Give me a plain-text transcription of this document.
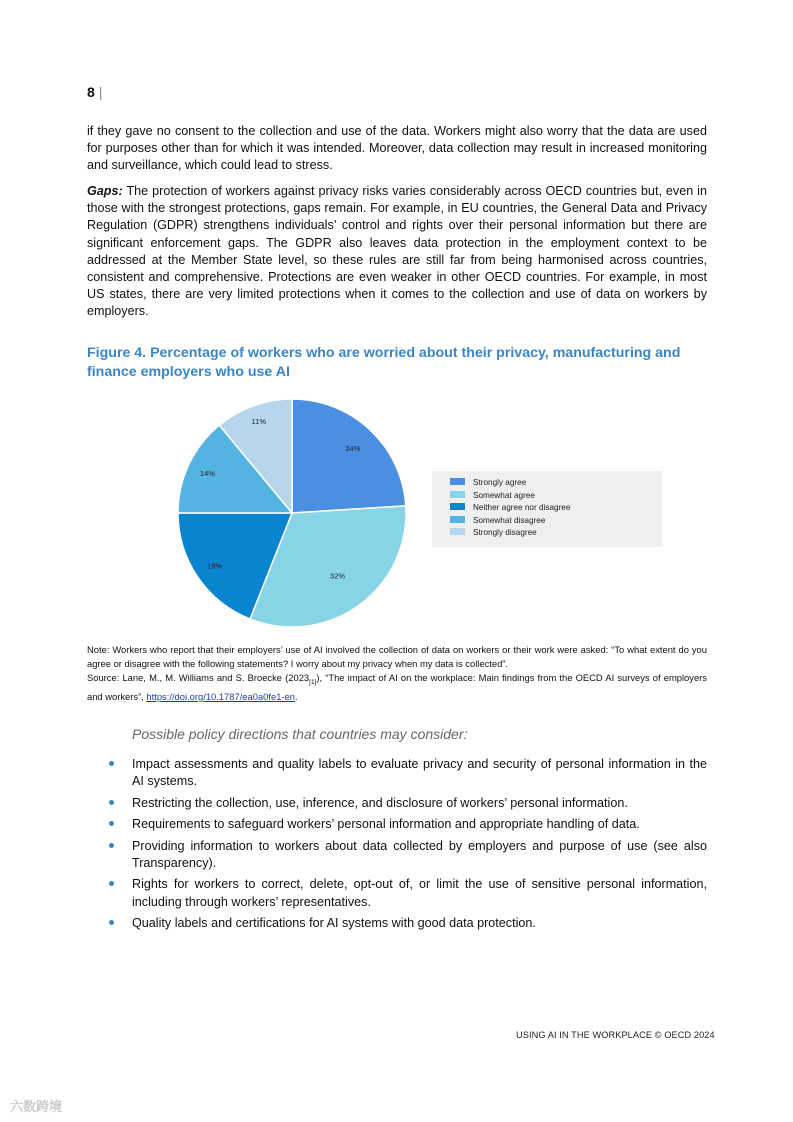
8 |

if they gave no consent to the collection and use of the data. Workers might also worry that the data are used for purposes other than for which it was intended. Moreover, data collection may result in increased monitoring and surveillance, which could lead to stress.

Gaps: The protection of workers against privacy risks varies considerably across OECD countries but, even in those with the strongest protections, gaps remain. For example, in EU countries, the General Data and Privacy Regulation (GDPR) strengthens individuals’ control and rights over their personal information but there are significant enforcement gaps. The GDPR also leaves data protection in the employment context to be addressed at the Member State level, so these rules are still far from being harmonised across countries, consistent and comprehensive. Protections are even weaker in other OECD countries. For example, in most US states, there are very limited protections when it comes to the collection and use of data on workers by employers.

Figure 4. Percentage of workers who are worried about their privacy, manufacturing and finance employers who use AI
24%
32%
19%
14%
11%
Strongly agree
Somewhat agree
Neither agree nor disagree
Somewhat disagree
Strongly disagree
Note: Workers who report that their employers’ use of AI involved the collection of data on workers or their work were asked: “To what extent do you agree or disagree with the following statements? I worry about my privacy when my data is collected”.
Source: Lane, M., M. Williams and S. Broecke $(2023_{[1]})$, “The impact of AI on the workplace: Main findings from the OECD AI surveys of employers and workers”, https://doi.org/10.1787/ea0a0fe1-en.
Possible policy directions that countries may consider:
Impact assessments and quality labels to evaluate privacy and security of personal information in the AI systems.
Restricting the collection, use, inference, and disclosure of workers’ personal information.
Requirements to safeguard workers’ personal information and appropriate handling of data.
Providing information to workers about data collected by employers and purpose of use (see also Transparency).
Rights for workers to correct, delete, opt-out of, or limit the use of sensitive personal information, including through workers’ representatives.
Quality labels and certifications for AI systems with good data protection.
USING AI IN THE WORKPLACE © OECD 2024
六数跨境
